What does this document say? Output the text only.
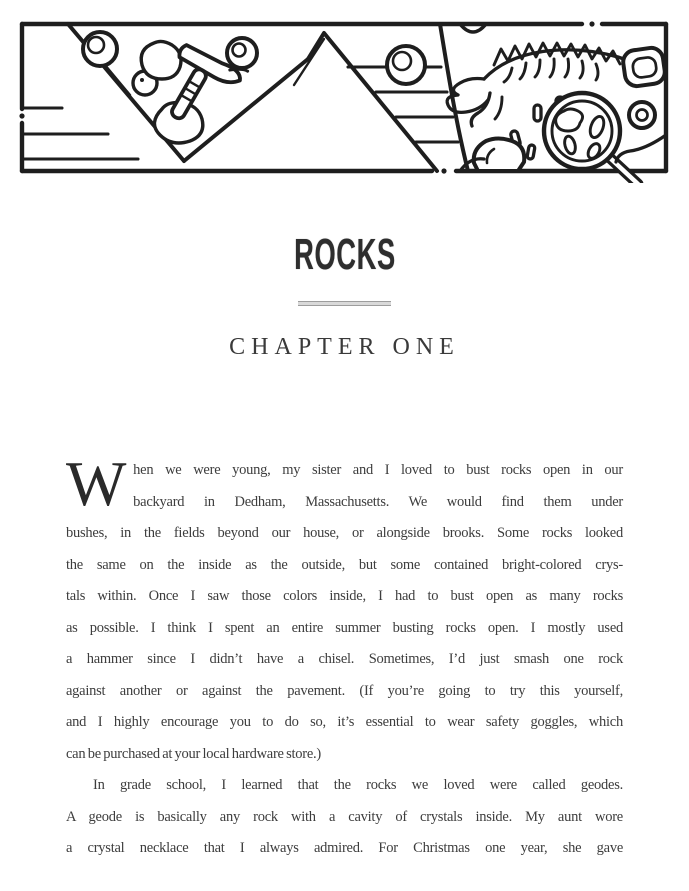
ROCKS
CHAPTER ONE
W hen we were young, my sister and I loved to bust rocks open in our
backyard in Dedham, Massachusetts. We would find them under
bushes, in the fields beyond our house, or alongside brooks. Some rocks looked
the same on the inside as the outside, but some contained bright-colored crys-
tals within. Once I saw those colors inside, I had to bust open as many rocks
as possible. I think I spent an entire summer busting rocks open. I mostly used
a hammer since I didn’t have a chisel. Sometimes, I’d just smash one rock
against another or against the pavement. (If you’re going to try this yourself,
and I highly encourage you to do so, it’s essential to wear safety goggles, which
can be purchased at your local hardware store.)
In grade school, I learned that the rocks we loved were called geodes.
A geode is basically any rock with a cavity of crystals inside. My aunt wore
a crystal necklace that I always admired. For Christmas one year, she gave
